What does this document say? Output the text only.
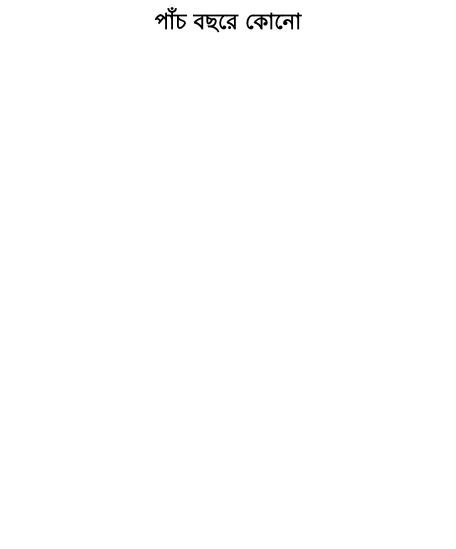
পাঁচ বছরে কোনো
